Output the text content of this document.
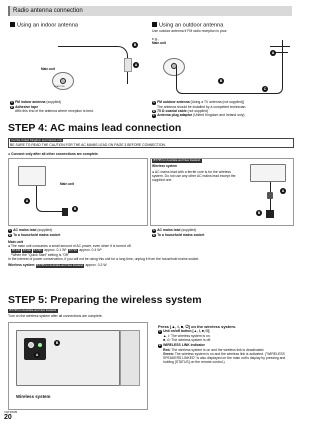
Radio antenna connection
Using an indoor antenna
Main unit
FM ANT 75Ω
A
B
A FM indoor antenna (supplied)
B Adhesive tape
Affix this end of the antenna where reception is best.
Using an outdoor antenna
Use outdoor antenna if FM radio reception is poor.
e.g.,
Main unit
A
B
C
A FM outdoor antenna [Using a TV antenna (not supplied)]
The antenna should be installed by a competent technician.
B 75 Ω coaxial cable (not supplied)
C Antenna plug adaptor (United Kingdom and Ireland only)
STEP 4: AC mains lead connection
For the United Kingdom and Ireland only
BE SURE TO READ THE CAUTION FOR THE AC MAINS LEAD ON PAGE 3 BEFORE CONNECTION.
● Connect only after all other connections are complete.
Main unit
A
B
BT735 for Australia and New Zealand
Wireless system
● AC mains lead with a ferrite core is for the wireless system. Do not use any other AC mains lead except the supplied one.
A
B
A AC mains lead (supplied)
B To a household mains socket
A AC mains lead (supplied)
B To a household mains socket
Main unit
● The main unit consumes a small amount of AC power, even when it is turned off.
BT230 BT330 BT330 approx. 0.1 W* BT735 approx. 0.4 W*
*When the "Quick Start" setting is "Off"
In the interest of power conservation, if you will not be using this unit for a long time, unplug it from the household mains socket.
Wireless system BT735 for Australia and New Zealand approx. 0.3 W
STEP 5: Preparing the wireless system
BT735 for Australia and New Zealand
Turn on the wireless system after all connections are complete.
A
B
Wireless system
Press [▲, I, ■, ⏻] on the wireless system.
A Unit on/off button [▲, I, ■, ⏻]
▲, I: The wireless system is on.
■, ⏻: The wireless system is off.
B WIRELESS LINK indicator
Red: The wireless system is on and the wireless link is deactivated.
Green: The wireless system is on and the wireless link is activated. ("WIRELESS SPEAKERS LINKED" is also displayed on the main unit's display by pressing and holding [STATUS] on the remote control.)
VQT2W09
20
